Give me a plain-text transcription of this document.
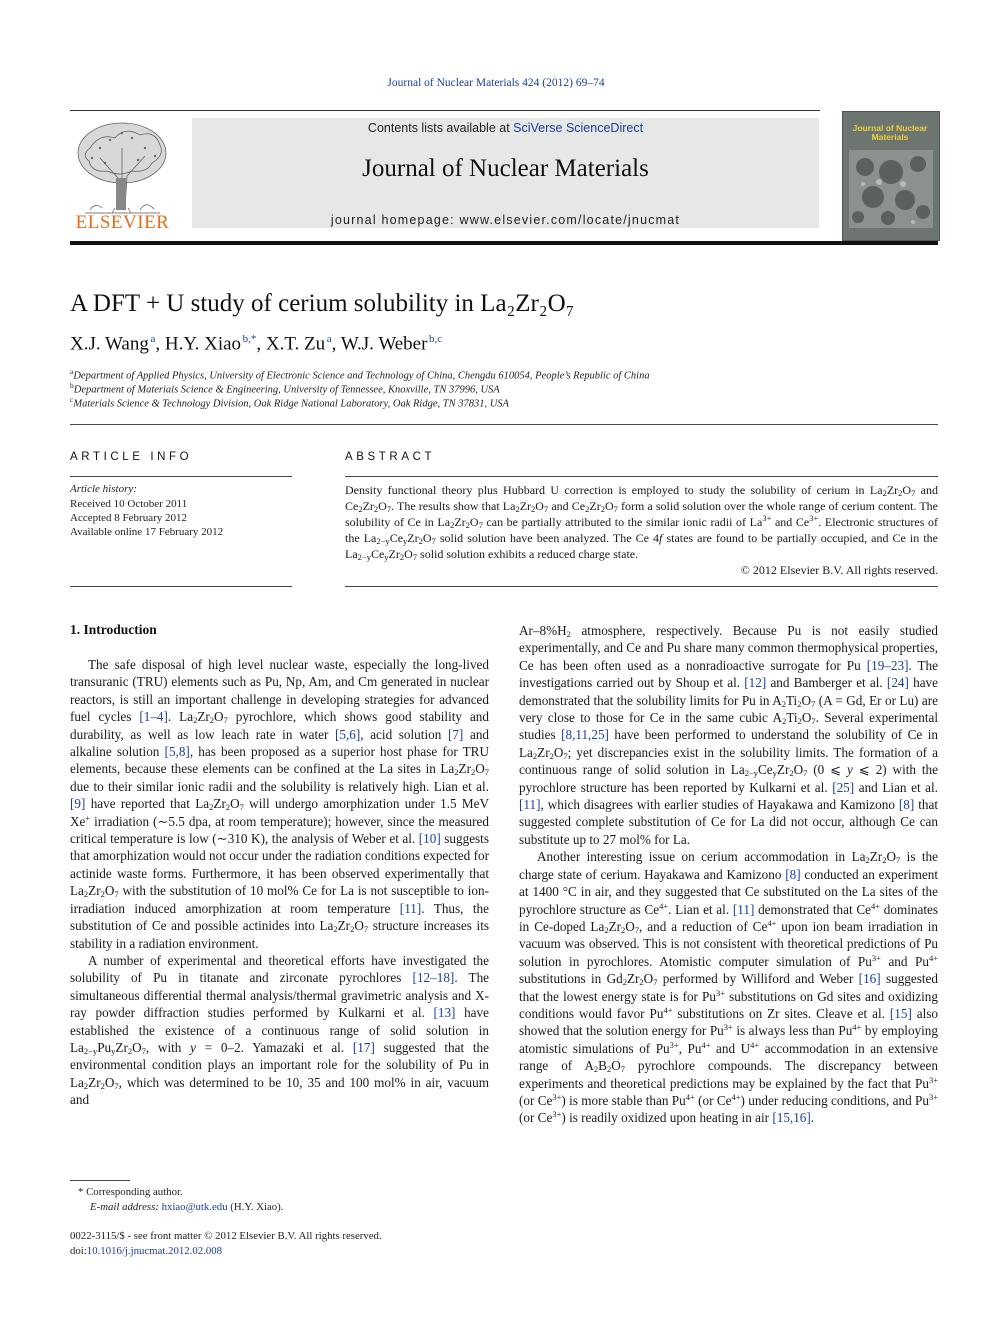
Journal of Nuclear Materials 424 (2012) 69–74
ELSEVIER
Contents lists available at SciVerse ScienceDirect
Journal of Nuclear Materials
journal homepage: www.elsevier.com/locate/jnucmat
Journal of Nuclear Materials
A DFT + U study of cerium solubility in La₂Zr₂O₇
X.J. Wang  $^a$, H.Y. Xiao  $^{b,*}$, X.T. Zu  $^a$, W.J. Weber  $^{b,c}$
$^a$Department of Applied Physics, University of Electronic Science and Technology of China, Chengdu 610054, People’s Republic of China
$^b$Department of Materials Science & Engineering, University of Tennessee, Knoxville, TN 37996, USA
$^c$Materials Science & Technology Division, Oak Ridge National Laboratory, Oak Ridge, TN 37831, USA
ARTICLE INFO
Article history:
Received 10 October 2011
Accepted 8 February 2012
Available online 17 February 2012
ABSTRACT
Density functional theory plus Hubbard U correction is employed to study the solubility of cerium in $La_2Zr_2O_7$ and $Ce_2Zr_2O_7$. The results show that $La_2Zr_2O_7$ and $Ce_2Zr_2O_7$ form a solid solution over the whole range of cerium content. The solubility of Ce in $La_2Zr_2O_7$ can be partially attributed to the similar ionic radii of $La^{3+}$ and $Ce^{3+}$. Electronic structures of the $La_{2-y}Ce_yZr_2O_7$ solid solution have been analyzed. The Ce 4f states are found to be partially occupied, and Ce in the $La_{2-y}Ce_yZr_2O_7$ solid solution exhibits a reduced charge state.
© 2012 Elsevier B.V. All rights reserved.
1. Introduction

The safe disposal of high level nuclear waste, especially the long-lived transuranic (TRU) elements such as Pu, Np, Am, and Cm generated in nuclear reactors, is still an important challenge in developing strategies for advanced fuel cycles [1–4]. $La_2Zr_2O_7$ pyrochlore, which shows good stability and durability, as well as low leach rate in water [5,6], acid solution [7] and alkaline solution [5,8], has been proposed as a superior host phase for TRU elements, because these elements can be confined at the La sites in $La_2Zr_2O_7$ due to their similar ionic radii and the solubility is relatively high. Lian et al. [9] have reported that $La_2Zr_2O_7$ will undergo amorphization under 1.5 MeV Xe+ irradiation (∼5.5 dpa, at room temperature); however, since the measured critical temperature is low (∼310 K), the analysis of Weber et al. [10] suggests that amorphization would not occur under the radiation conditions expected for actinide waste forms. Furthermore, it has been observed experimentally that $La_2Zr_2O_7$ with the substitution of 10 mol% Ce for La is not susceptible to ion-irradiation induced amorphization at room temperature [11]. Thus, the substitution of Ce and possible actinides into $La_2Zr_2O_7$ structure increases its stability in a radiation environment.

A number of experimental and theoretical efforts have investigated the solubility of Pu in titanate and zirconate pyrochlores [12–18]. The simultaneous differential thermal analysis/thermal gravimetric analysis and X-ray powder diffraction studies performed by Kulkarni et al. [13] have established the existence of a continuous range of solid solution in $La_{2-y}Pu_yZr_2O_7$, with y = 0–2. Yamazaki et al. [17] suggested that the environmental condition plays an important role for the solubility of Pu in $La_2Zr_2O_7$, which was determined to be 10, 35 and 100 mol% in air, vacuum and

$Ar-8\%H_2$ atmosphere, respectively. Because Pu is not easily studied experimentally, and Ce and Pu share many common thermophysical properties, Ce has been often used as a nonradioactive surrogate for Pu [19–23]. The investigations carried out by Shoup et al. [12] and Bamberger et al. [24] have demonstrated that the solubility limits for Pu in $A_2Ti_2O_7$ (A = Gd, Er or Lu) are very close to those for Ce in the same cubic $A_2Ti_2O_7$. Several experimental studies [8,11,25] have been performed to understand the solubility of Ce in $La_2Zr_2O_7$; yet discrepancies exist in the solubility limits. The formation of a continuous range of solid solution in $La_{2-y}Ce_yZr_2O_7$ (0 ⩽ y ⩽ 2) with the pyrochlore structure has been reported by Kulkarni et al. [25] and Lian et al. [11], which disagrees with earlier studies of Hayakawa and Kamizono [8] that suggested complete substitution of Ce for La did not occur, although Ce can substitute up to 27 mol% for La.

Another interesting issue on cerium accommodation in $La_2Zr_2O_7$ is the charge state of cerium. Hayakawa and Kamizono [8] conducted an experiment at 1400 °C in air, and they suggested that Ce substituted on the La sites of the pyrochlore structure as $Ce^{4+}$. Lian et al. [11] demonstrated that $Ce^{4+}$ dominates in Ce-doped $La_2Zr_2O_7$, and a reduction of $Ce^{4+}$ upon ion beam irradiation in vacuum was observed. This is not consistent with theoretical predictions of Pu solution in pyrochlores. Atomistic computer simulation of $Pu^{3+}$ and $Pu^{4+}$ substitutions in $Gd_2Zr_2O_7$ performed by Williford and Weber [16] suggested that the lowest energy state is for $Pu^{3+}$ substitutions on Gd sites and oxidizing conditions would favor $Pu^{4+}$ substitutions on Zr sites. Cleave et al. [15] also showed that the solution energy for $Pu^{3+}$ is always less than $Pu^{4+}$ by employing atomistic simulations of $Pu^{3+}$, $Pu^{4+}$ and $U^{4+}$ accommodation in an extensive range of $A_2B_2O_7$ pyrochlore compounds. The discrepancy between experiments and theoretical predictions may be explained by the fact that $Pu^{3+}$ (or $Ce^{3+}$) is more stable than $Pu^{4+}$ (or $Ce^{4+}$) under reducing conditions, and $Pu^{3+}$ (or $Ce^{3+}$) is readily oxidized upon heating in air [15,16].

* Corresponding author.
E-mail address: hxiao@utk.edu (H.Y. Xiao).
0022-3115/$ - see front matter © 2012 Elsevier B.V. All rights reserved.
doi:10.1016/j.jnucmat.2012.02.008
